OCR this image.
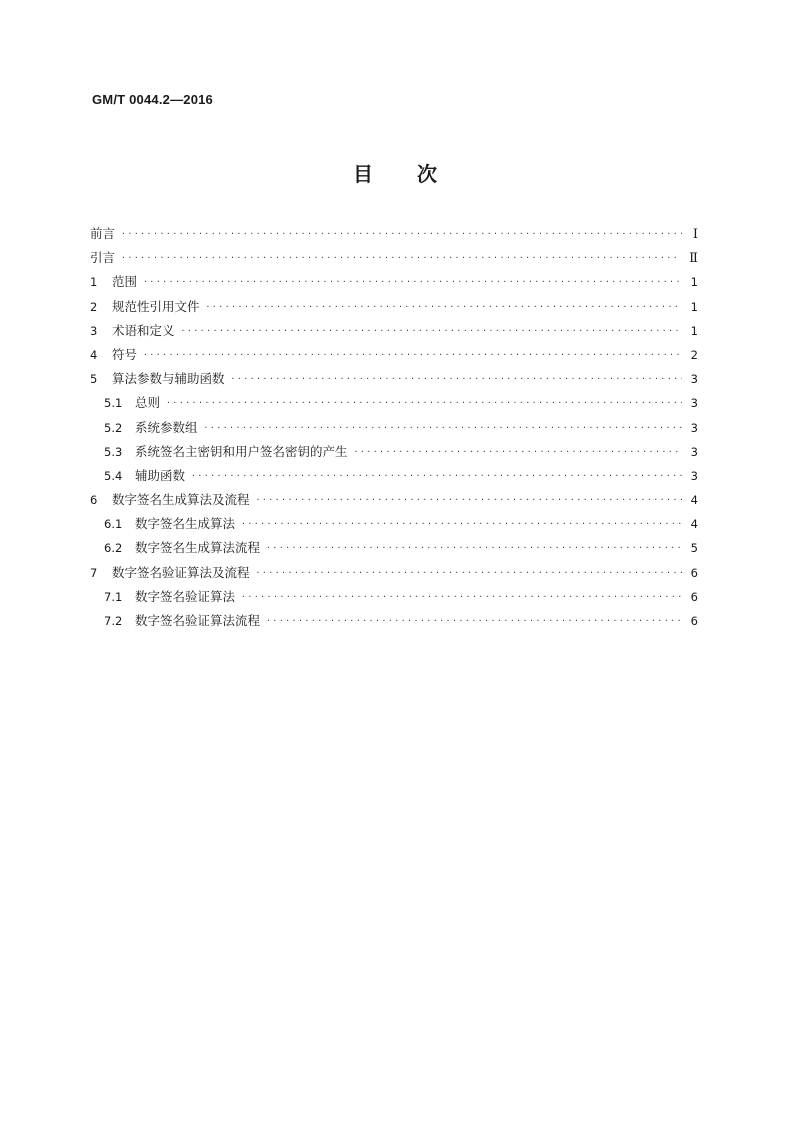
GM/T 0044.2—2016
目 次
前言 ·····	Ⅰ
引言 ·····	Ⅱ
1	范围 ·····	1
2	规范性引用文件 ·····	1
3	术语和定义 ·····	1
4	符号 ·····	2
5	算法参数与辅助函数 ·····	3
5.1	总则 ·····	3
5.2	系统参数组 ·····	3
5.3	系统签名主密钥和用户签名密钥的产生 ·····	3
5.4	辅助函数 ·····	3
6	数字签名生成算法及流程 ·····	4
6.1	数字签名生成算法 ·····	4
6.2	数字签名生成算法流程 ·····	5
7	数字签名验证算法及流程 ·····	6
7.1	数字签名验证算法 ·····	6
7.2	数字签名验证算法流程 ·····	6
